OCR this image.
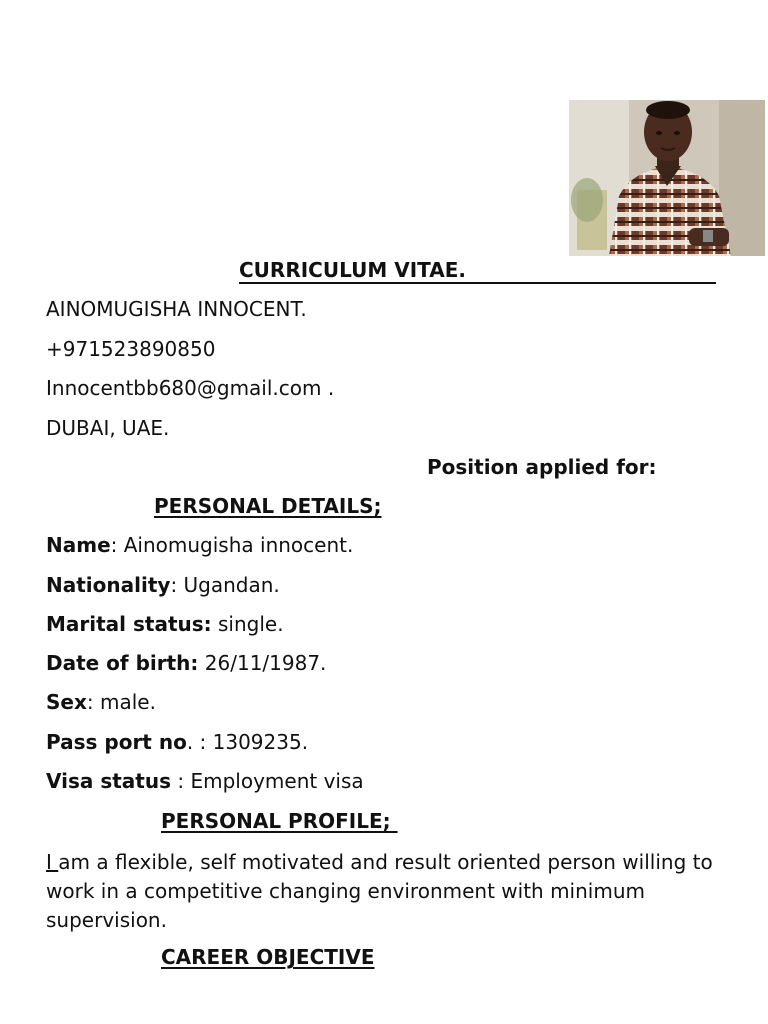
CURRICULUM VITAE.
AINOMUGISHA INNOCENT.
+971523890850
Innocentbb680@gmail.com .
DUBAI, UAE.
Position applied for:
PERSONAL DETAILS;
Name: Ainomugisha innocent.
Nationality: Ugandan.
Marital status: single.
Date of birth: 26/11/1987.
Sex: male.
Pass port no. : 1309235.
Visa status : Employment visa
PERSONAL PROFILE;
I am a flexible, self motivated and result oriented person willing to work in a competitive changing environment with minimum supervision.
CAREER OBJECTIVE
